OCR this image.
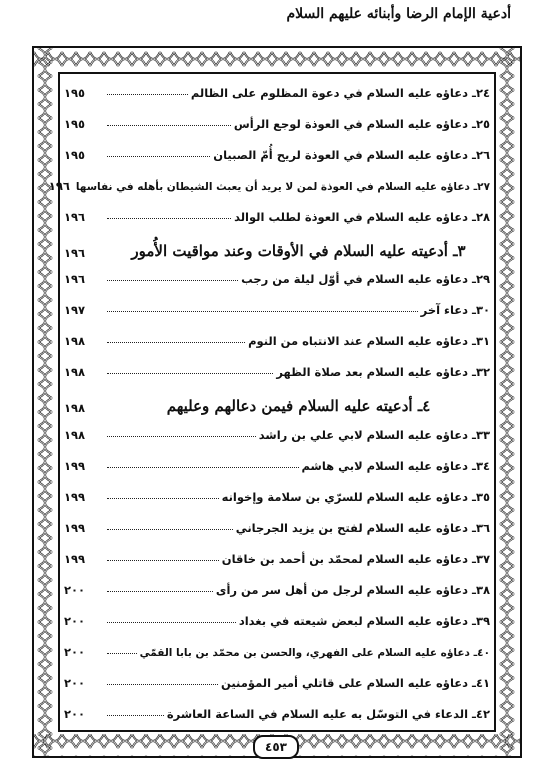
أدعية الإمام الرضا وأبنائه عليهم السلام
٢٤ـ دعاؤه عليه السلام في دعوة المظلوم على الظالم
١٩٥
٢٥ـ دعاؤه عليه السلام في العوذة لوجع الرأس
١٩٥
٢٦ـ دعاؤه عليه السلام في العوذة لريح أُمّ الصبيان
١٩٥
٢٧ـ دعاؤه عليه السلام في العوذة لمن لا يريد أن يعبث الشيطان بأهله في نفاسها
١٩٦
٢٨ـ دعاؤه عليه السلام في العوذة لطلب الوالد
١٩٦
٣ـ أدعيته عليه السلام في الأوقات وعند مواقيت الأُمور
١٩٦
٢٩ـ دعاؤه عليه السلام في أوّل ليلة من رجب
١٩٦
٣٠ـ دعاء آخر
١٩٧
٣١ـ دعاؤه عليه السلام عند الانتباه من النوم
١٩٨
٣٢ـ دعاؤه عليه السلام بعد صلاة الظهر
١٩٨
٤ـ أدعيته عليه السلام فيمن دعالهم وعليهم
١٩٨
٣٣ـ دعاؤه عليه السلام لابي علي بن راشد
١٩٨
٣٤ـ دعاؤه عليه السلام لابي هاشم
١٩٩
٣٥ـ دعاؤه عليه السلام للسرّي بن سلامة وإخوانه
١٩٩
٣٦ـ دعاؤه عليه السلام لفتح بن يزيد الجرجاني
١٩٩
٣٧ـ دعاؤه عليه السلام لمحمّد بن أحمد بن خاقان
١٩٩
٣٨ـ دعاؤه عليه السلام لرجل من أهل سر من رأى
٢٠٠
٣٩ـ دعاؤه عليه السلام لبعض شيعته في بغداد
٢٠٠
٤٠ـ دعاؤه عليه السلام على الفهري، والحسن بن محمّد بن بابا القمّي
٢٠٠
٤١ـ دعاؤه عليه السلام على قاتلي أمير المؤمنين
٢٠٠
٤٢ـ الدعاء في التوسّل به عليه السلام في الساعة العاشرة
٢٠٠
٤٥٣
